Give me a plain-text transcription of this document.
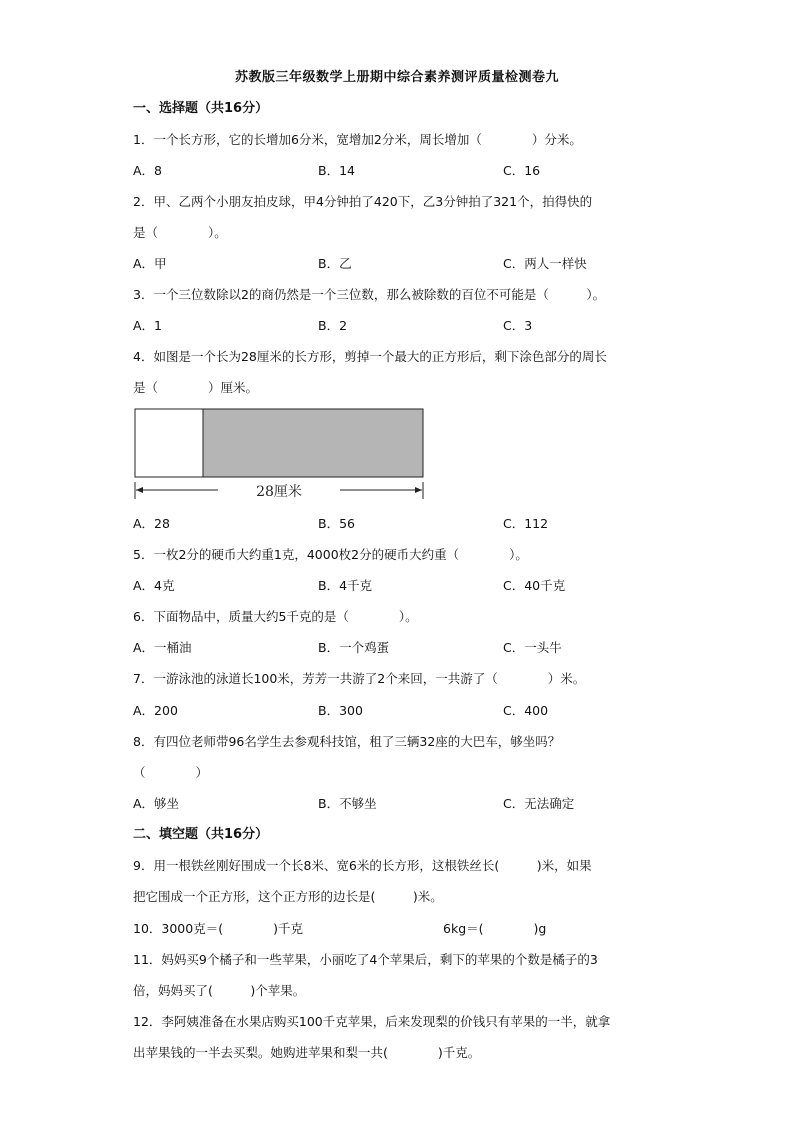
苏教版三年级数学上册期中综合素养测评质量检测卷九
一、选择题（共16分）
1．一个长方形，它的长增加6分米，宽增加2分米，周长增加（　　　　）分米。
A．8	B．14	C．16
2．甲、乙两个小朋友拍皮球，甲4分钟拍了420下，乙3分钟拍了321个，拍得快的
是（　　　　）。
A．甲	B．乙	C．两人一样快
3．一个三位数除以2的商仍然是一个三位数，那么被除数的百位不可能是（　　　）。
A．1	B．2	C．3
4．如图是一个长为28厘米的长方形，剪掉一个最大的正方形后，剩下涂色部分的周长
是（　　　　）厘米。
28厘米
A．28	B．56	C．112
5．一枚2分的硬币大约重1克，4000枚2分的硬币大约重（　　　　）。
A．4克	B．4千克	C．40千克
6．下面物品中，质量大约5千克的是（　　　　）。
A．一桶油	B．一个鸡蛋	C．一头牛
7．一游泳池的泳道长100米，芳芳一共游了2个来回，一共游了（　　　　）米。
A．200	B．300	C．400
8．有四位老师带96名学生去参观科技馆，租了三辆32座的大巴车，够坐吗？
（　　　　）
A．够坐	B．不够坐	C．无法确定
二、填空题（共16分）
9．用一根铁丝刚好围成一个长8米、宽6米的长方形，这根铁丝长(　　　)米，如果
把它围成一个正方形，这个正方形的边长是(　　　)米。
10．3000克＝(　　　　)千克	6kg＝(　　　　)g
11．妈妈买9个橘子和一些苹果，小丽吃了4个苹果后，剩下的苹果的个数是橘子的3
倍，妈妈买了(　　　)个苹果。
12．李阿姨准备在水果店购买100千克苹果，后来发现梨的价钱只有苹果的一半，就拿
出苹果钱的一半去买梨。她购进苹果和梨一共(　　　　)千克。
